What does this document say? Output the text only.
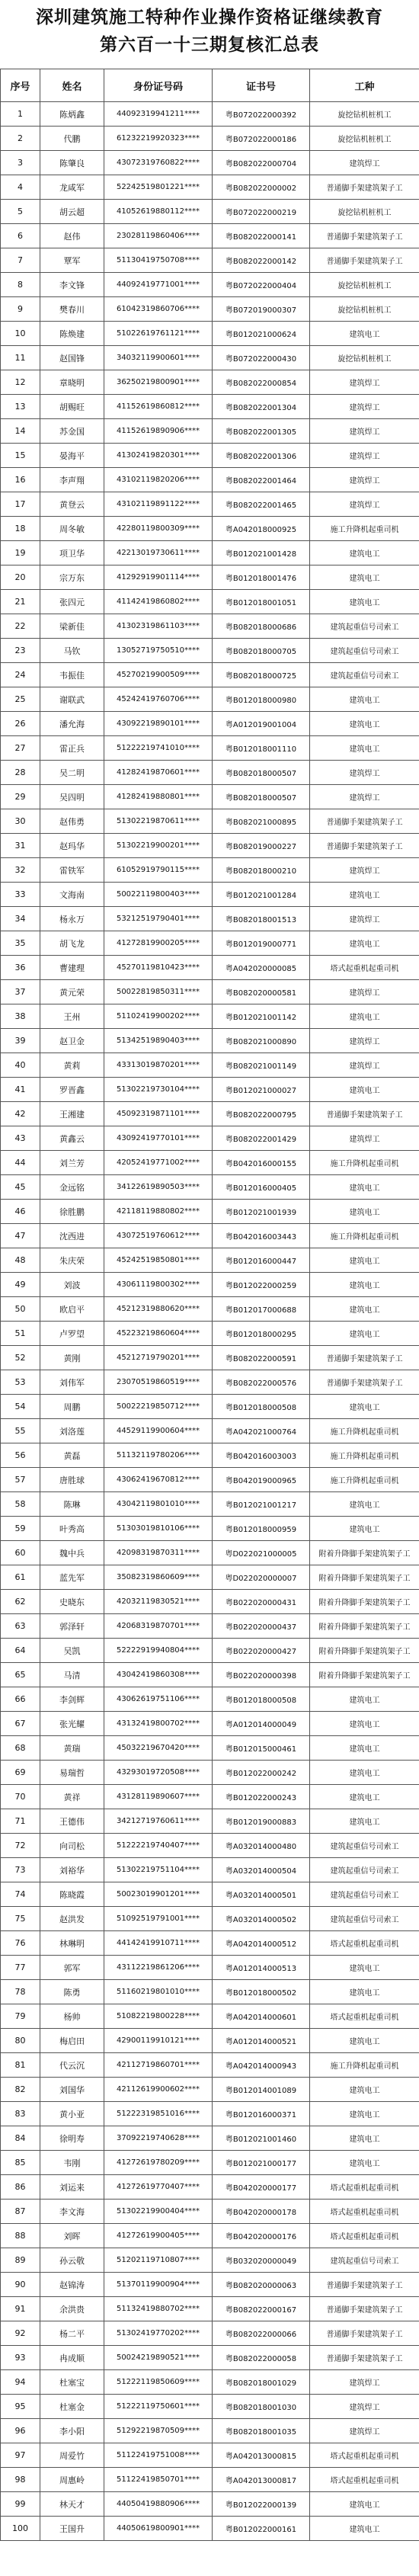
深圳建筑施工特种作业操作资格证继续教育
第六百一十三期复核汇总表
序号	姓名	身份证号码	证书号	工种
1	陈炳鑫	44092319941211****	粤B072022000392	旋挖钻机桩机工
2	代鹏	61232219920323****	粤B072022000186	旋挖钻机桩机工
3	陈肇良	43072319760822****	粤B082022000704	建筑焊工
4	龙咸军	52242519801221****	粤B082022000002	普通脚手架建筑架子工
5	胡云超	41052619880112****	粤B072022000219	旋挖钻机桩机工
6	赵伟	23028119860406****	粤B082022000141	普通脚手架建筑架子工
7	覃军	51130419750708****	粤B082022000142	普通脚手架建筑架子工
8	李文锋	44092419771001****	粤B072022000404	旋挖钻机桩机工
9	樊春川	61042319860706****	粤B072019000307	旋挖钻机桩机工
10	陈焕建	51022619761121****	粤B012021000624	建筑电工
11	赵国锋	34032119900601****	粤B072022000430	旋挖钻机桩机工
12	章晓明	36250219800901****	粤B082022000854	建筑焊工
13	胡赐旺	41152619860812****	粤B082022001304	建筑焊工
14	苏金国	41152619890906****	粤B082022001305	建筑焊工
15	晏海平	41302419820301****	粤B082022001306	建筑焊工
16	李声翔	43102119820206****	粤B082022001464	建筑焊工
17	黄登云	43102119891122****	粤B082022001465	建筑焊工
18	周冬敏	42280119800309****	粤A042018000925	施工升降机起重司机
19	项卫华	42213019730611****	粤B012021001428	建筑电工
20	宗万东	41292919901114****	粤B012018001476	建筑电工
21	张四元	41142419860802****	粤B012018001051	建筑电工
22	梁新佳	41302319861103****	粤B082018000686	建筑起重信号司索工
23	马钦	13052719750510****	粤B082018000705	建筑起重信号司索工
24	韦振佳	45270219900509****	粤B082018000725	建筑起重信号司索工
25	谢联武	45242419760706****	粤B012018000980	建筑电工
26	潘允海	43092219890101****	粤A012019001004	建筑电工
27	雷正兵	51222219741010****	粤B012018001110	建筑电工
28	吴二明	41282419870601****	粤B082018000507	建筑焊工
29	吴四明	41282419880801****	粤B082018000507	建筑焊工
30	赵伟勇	51302219870611****	粤B082021000895	普通脚手架建筑架子工
31	赵玛华	51302219900201****	粤B082019000227	普通脚手架建筑架子工
32	雷铁军	61052919790115****	粤B082018000210	建筑焊工
33	文海南	50022119800403****	粤B012021001284	建筑电工
34	杨永万	53212519790401****	粤B082018001513	建筑焊工
35	胡飞龙	41272819900205****	粤B012019000771	建筑电工
36	曹建理	45270119810423****	粤A042020000085	塔式起重机起重司机
37	黄元荣	50022819850311****	粤B082020000581	建筑焊工
38	王州	51102419900202****	粤B012021001142	建筑电工
39	赵卫金	51342519890403****	粤B082021000890	建筑焊工
40	黄莉	43313019870201****	粤B082021001149	建筑焊工
41	罗晋鑫	51302219730104****	粤B012021000027	建筑电工
42	王湘建	45092319871101****	粤B082022000795	普通脚手架建筑架子工
43	黄鑫云	43092419770101****	粤B082022001429	建筑焊工
44	刘兰芳	42052419771002****	粤B042016000155	施工升降机起重司机
45	金远铭	34122619890503****	粤B012016000405	建筑电工
46	徐胜鹏	42118119880802****	粤B012021001939	建筑电工
47	沈西进	43072519760612****	粤B042016003443	施工升降机起重司机
48	朱庆荣	45242519850801****	粤B012016000447	建筑电工
49	刘波	43061119800302****	粤B012022000259	建筑电工
50	欧启平	45212319880620****	粤B012017000688	建筑电工
51	卢罗望	45223219860604****	粤B012018000295	建筑电工
52	黄刚	45212719790201****	粤B082022000591	普通脚手架建筑架子工
53	刘伟军	23070519860519****	粤B082022000576	普通脚手架建筑架子工
54	周鹏	50022219850712****	粤B012018000508	建筑电工
55	刘洛莲	44529119900604****	粤A042021000764	施工升降机起重司机
56	黄磊	51132119780206****	粤B042016003003	施工升降机起重司机
57	唐胜球	43062419670812****	粤B042019000965	施工升降机起重司机
58	陈琳	43042119801010****	粤B012021001217	建筑电工
59	叶秀高	51303019810106****	粤B012018000959	建筑电工
60	魏中兵	42098319870311****	粤D022021000005	附着升降脚手架建筑架子工
61	蓝先军	35082319860609****	粤D022020000007	附着升降脚手架建筑架子工
62	史晓东	42032119830521****	粤B022020000431	附着升降脚手架建筑架子工
63	郭泽轩	42068319870701****	粤B022020000437	附着升降脚手架建筑架子工
64	吴凯	52222919940804****	粤B022020000427	附着升降脚手架建筑架子工
65	马清	43042419860308****	粤B022020000398	附着升降脚手架建筑架子工
66	李剑辉	43062619751106****	粤B012018000508	建筑电工
67	张光耀	43132419800702****	粤A012014000049	建筑电工
68	黄瑞	45032219670420****	粤B012015000461	建筑电工
69	易瑞哲	43293019720508****	粤B012022000242	建筑电工
70	黄祥	43128119890607****	粤B012022000243	建筑电工
71	王德伟	34212719760611****	粤B012019000883	建筑电工
72	向司松	51222219740407****	粤A032014000480	建筑起重信号司索工
73	刘裕华	51302219751104****	粤A032014000504	建筑起重信号司索工
74	陈晓霞	50023019901201****	粤A032014000501	建筑起重信号司索工
75	赵洪发	51092519791001****	粤A032014000502	建筑起重信号司索工
76	林琳明	44142419910711****	粤A042014000512	塔式起重机起重司机
77	郭军	43112219861206****	粤A012014000513	建筑电工
78	陈勇	51160219801010****	粤B012018000502	建筑电工
79	杨帅	51082219800228****	粤A042014000601	塔式起重机起重司机
80	梅启田	42900119910121****	粤A012014000521	建筑电工
81	代云沉	42112719860701****	粤A042014000943	施工升降机起重司机
82	刘国华	42112619900602****	粤B012014001089	建筑电工
83	黄小亚	51222319851016****	粤B012016000371	建筑电工
84	徐明寿	37092219740628****	粤B012021001460	建筑电工
85	韦刚	41272619780209****	粤B012021000177	建筑电工
86	刘运来	41272619770407****	粤B042020000177	塔式起重机起重司机
87	李文海	51302219900404****	粤B042020000178	塔式起重机起重司机
88	刘晖	41272619900405****	粤B042020000176	塔式起重机起重司机
89	孙云敬	51202119710807****	粤B032020000049	建筑起重信号司索工
90	赵锦涛	51370119900904****	粤B082020000063	普通脚手架建筑架子工
91	余洪贵	51132419880702****	粤B082022000167	普通脚手架建筑架子工
92	杨二平	51302419770202****	粤B082022000066	普通脚手架建筑架子工
93	冉成顺	50024219890521****	粤B082022000058	普通脚手架建筑架子工
94	杜塞宝	51222119850609****	粤B082018001029	建筑焊工
95	杜塞金	51222119750601****	粤B082018001030	建筑焊工
96	李小阳	51292219870509****	粤B082018001035	建筑焊工
97	周爱竹	51122419751008****	粤A042013000815	塔式起重机起重司机
98	周惠岭	51122419850701****	粤A042013000817	塔式起重机起重司机
99	林天才	44050419880906****	粤B012022000139	建筑电工
100	王国升	44050619800901****	粤B012022000161	建筑电工
